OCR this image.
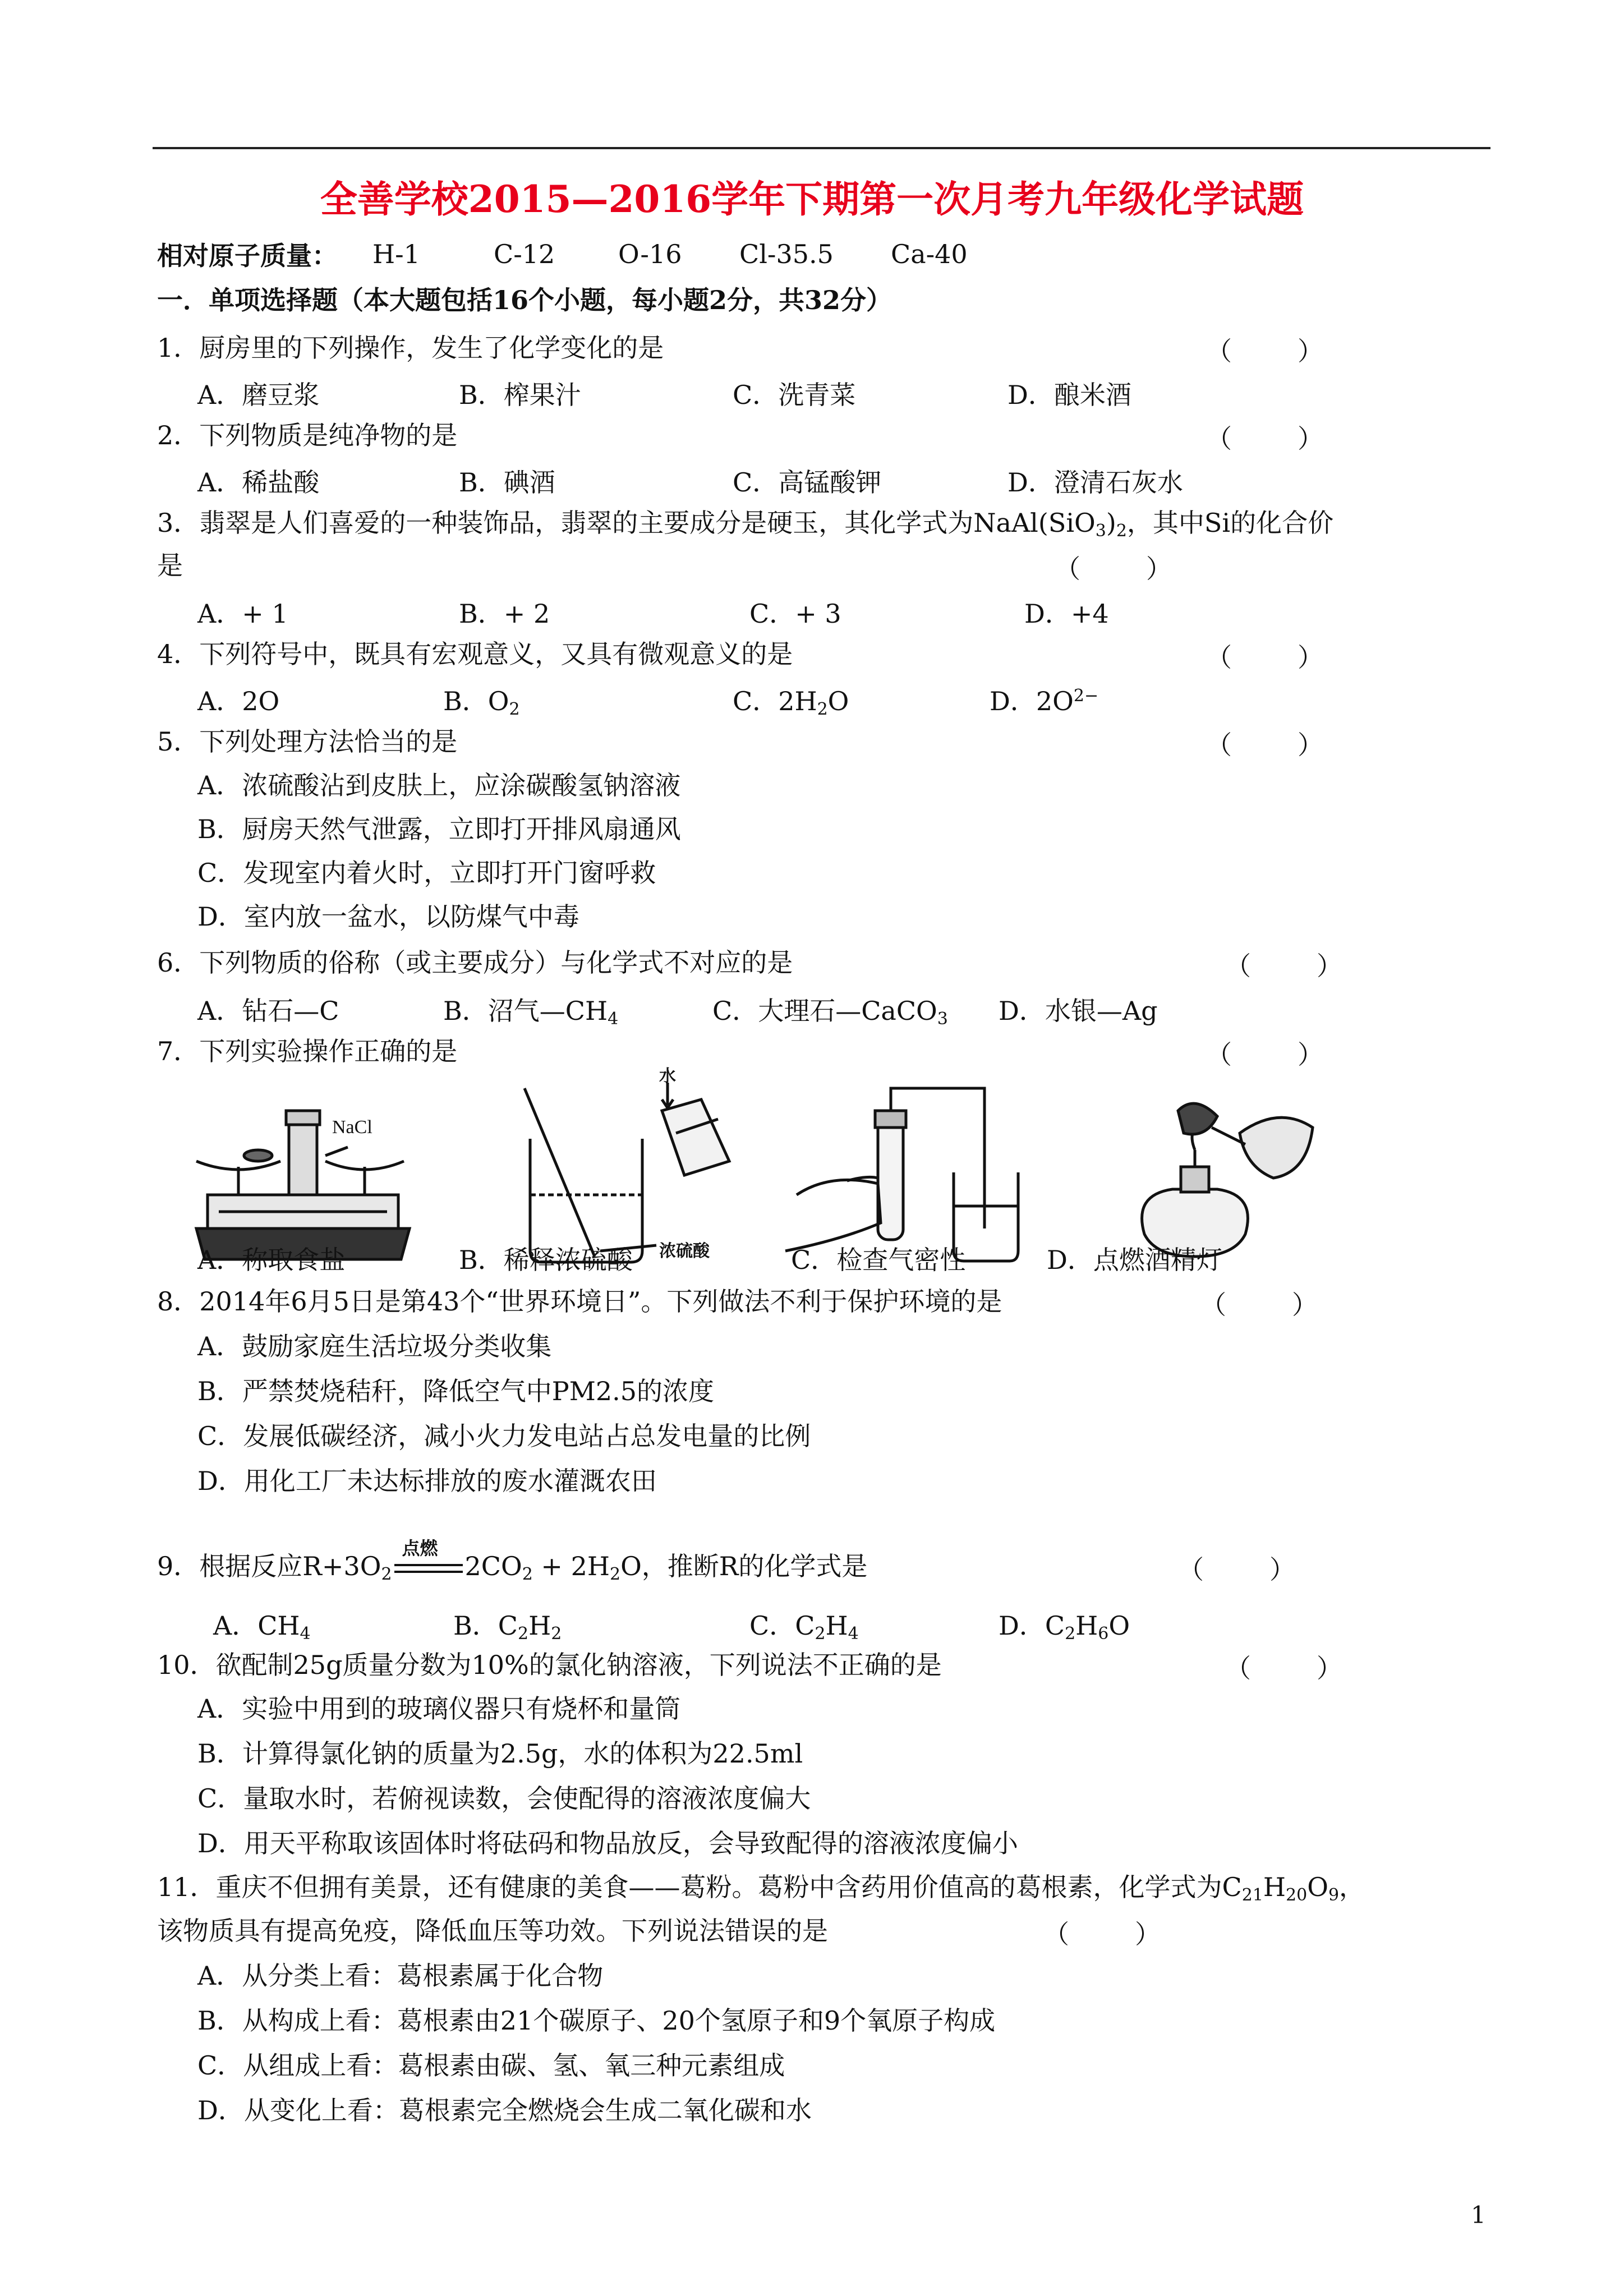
全善学校2015—2016学年下期第一次月考九年级化学试题
相对原子质量： H-1	C-12 O-16 Cl-35.5 Ca-40
一．单项选择题（本大题包括16个小题，每小题2分，共32分）
1．厨房里的下列操作，发生了化学变化的是	（        ）
A．磨豆浆	B．榨果汁	C．洗青菜	D．酿米酒
2．下列物质是纯净物的是	（        ）
A．稀盐酸	B．碘酒	C．高锰酸钾	D．澄清石灰水
3．翡翠是人们喜爱的一种装饰品，翡翠的主要成分是硬玉，其化学式为$NaAl(SiO_3)_2$，其中Si的化合价
是	（        ）
A．+ 1	B．+ 2	C．+ 3	D．+4
4．下列符号中，既具有宏观意义，又具有微观意义的是	（        ）
A．2O	B．$O_2$	C．$2H_2O$	D．$2O^{2-}$
5．下列处理方法恰当的是	（        ）
A．浓硫酸沾到皮肤上，应涂碳酸氢钠溶液
B．厨房天然气泄露，立即打开排风扇通风
C．发现室内着火时，立即打开门窗呼救
D．室内放一盆水，以防煤气中毒
6．下列物质的俗称（或主要成分）与化学式不对应的是	（        ）
A．钻石—C	B．沼气$—CH_4$	C．大理石—CaCO$_3$ D．水银—Ag
7．下列实验操作正确的是	（        ）
NaCl
水
浓硫酸
A．称取食盐	B．稀释浓硫酸	C．检查气密性	D．点燃酒精灯
8．2014年6月5日是第43个“世界环境日”。下列做法不利于保护环境的是	（        ）
A．鼓励家庭生活垃圾分类收集
B．严禁焚烧秸秆，降低空气中PM2.5的浓度
C．发展低碳经济，减小火力发电站占总发电量的比例
D．用化工厂未达标排放的废水灌溉农田
9．根据反应$R+3O_2$
点燃
$2CO_2 + 2H_2O$，推断R的化学式是	（        ）
A．$CH_4$	B．$C_2H_2$	C．$C_2H_4$	D．$C_2H_6O$
10．欲配制25g质量分数为10%的氯化钠溶液，下列说法不正确的是	（        ）
A．实验中用到的玻璃仪器只有烧杯和量筒
B．计算得氯化钠的质量为2.5g，水的体积为22.5ml
C．量取水时，若俯视读数，会使配得的溶液浓度偏大
D．用天平称取该固体时将砝码和物品放反，会导致配得的溶液浓度偏小
11．重庆不但拥有美景，还有健康的美食——葛粉。葛粉中含药用价值高的葛根素，化学式为$C_{21}H_{20}O_9$，
该物质具有提高免疫，降低血压等功效。下列说法错误的是	（        ）
A．从分类上看：葛根素属于化合物
B．从构成上看：葛根素由21个碳原子、20个氢原子和9个氧原子构成
C．从组成上看：葛根素由碳、氢、氧三种元素组成
D．从变化上看：葛根素完全燃烧会生成二氧化碳和水
1
